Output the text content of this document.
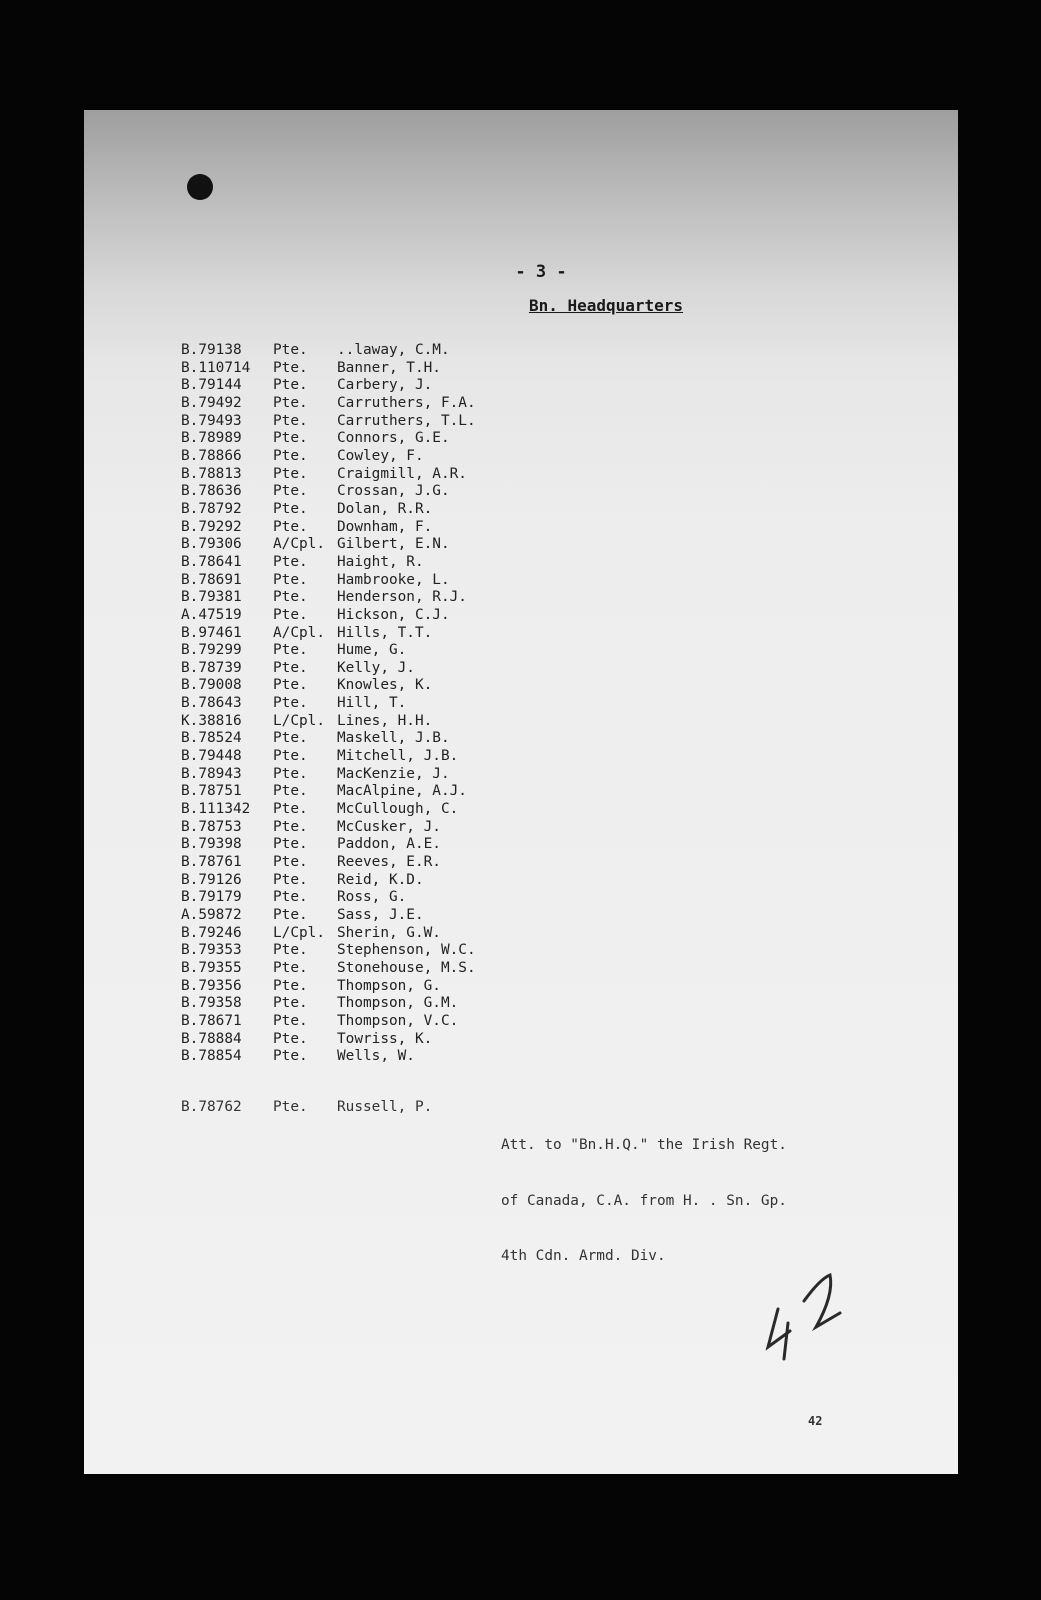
- 3 -
Bn. Headquarters
B.79138	Pte.	..laway, C.M.
B.110714	Pte.	Banner, T.H.
B.79144	Pte.	Carbery, J.
B.79492	Pte.	Carruthers, F.A.
B.79493	Pte.	Carruthers, T.L.
B.78989	Pte.	Connors, G.E.
B.78866	Pte.	Cowley, F.
B.78813	Pte.	Craigmill, A.R.
B.78636	Pte.	Crossan, J.G.
B.78792	Pte.	Dolan, R.R.
B.79292	Pte.	Downham, F.
B.79306	A/Cpl. Gilbert, E.N.
B.78641	Pte.	Haight, R.
B.78691	Pte.	Hambrooke, L.
B.79381	Pte.	Henderson, R.J.
A.47519	Pte.	Hickson, C.J.
B.97461	A/Cpl. Hills, T.T.
B.79299	Pte.	Hume, G.
B.78739	Pte.	Kelly, J.
B.79008	Pte.	Knowles, K.
B.78643	Pte.	Hill, T.
K.38816	L/Cpl. Lines, H.H.
B.78524	Pte.	Maskell, J.B.
B.79448	Pte.	Mitchell, J.B.
B.78943	Pte.	MacKenzie, J.
B.78751	Pte.	MacAlpine, A.J.
B.111342	Pte.	McCullough, C.
B.78753	Pte.	McCusker, J.
B.79398	Pte.	Paddon, A.E.
B.78761	Pte.	Reeves, E.R.
B.79126	Pte.	Reid, K.D.
B.79179	Pte.	Ross, G.
A.59872	Pte.	Sass, J.E.
B.79246	L/Cpl. Sherin, G.W.
B.79353	Pte.	Stephenson, W.C.
B.79355	Pte.	Stonehouse, M.S.
B.79356	Pte.	Thompson, G.
B.79358	Pte.	Thompson, G.M.
B.78671	Pte.	Thompson, V.C.
B.78884	Pte.	Towriss, K.
B.78854	Pte.	Wells, W.
B.78762	Pte.	Russell, P.

Att. to "Bn.H.Q." the Irish Regt.

of Canada, C.A. from H. . Sn. Gp.

4th Cdn. Armd. Div.

42
